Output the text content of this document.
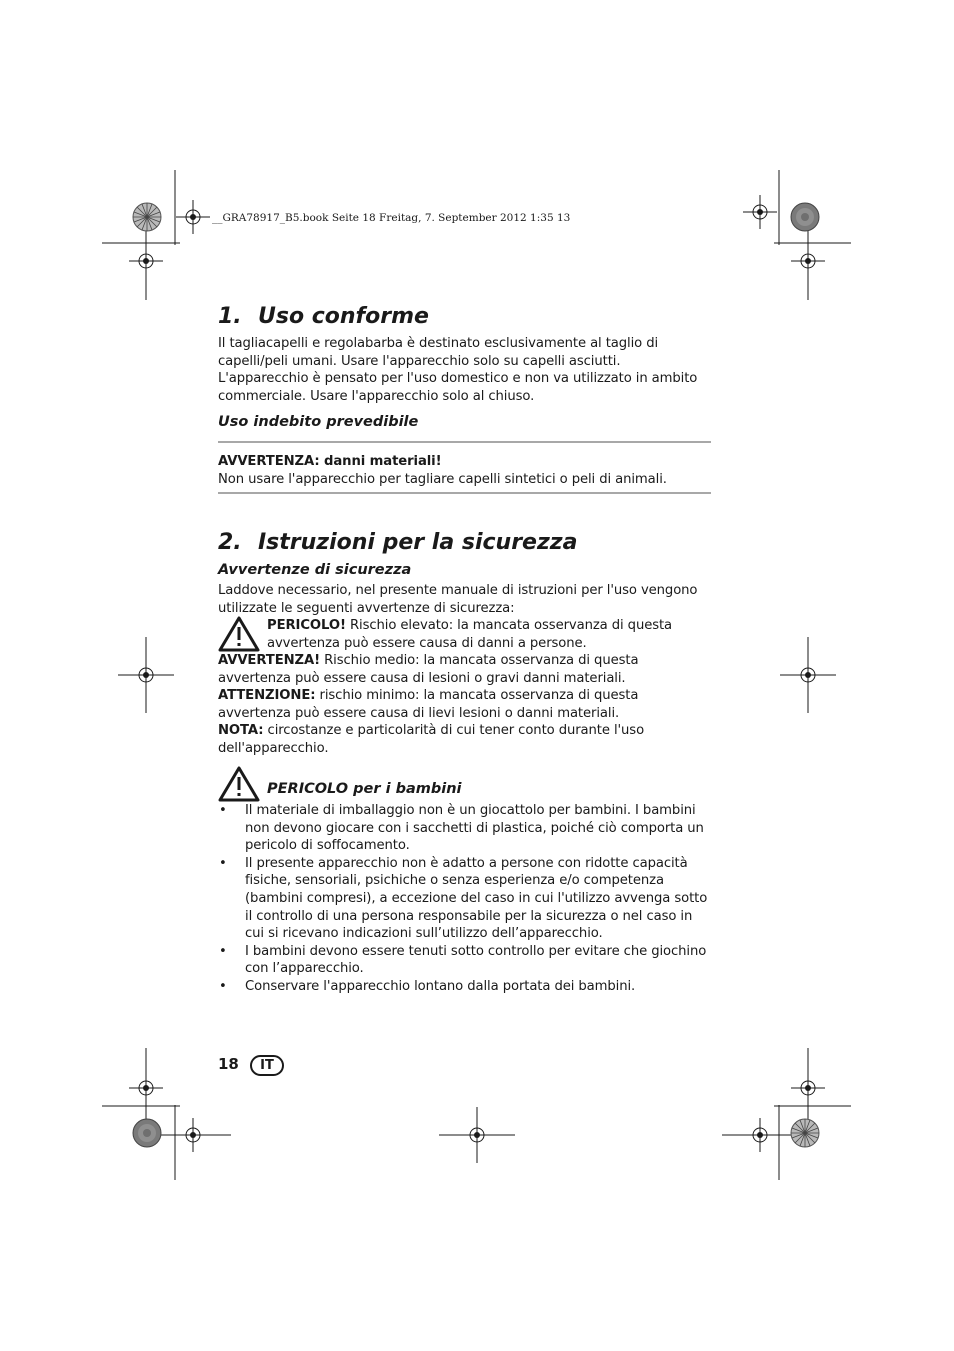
__GRA78917_B5.book Seite 18 Freitag, 7. September 2012 1:35 13
1. Uso conforme
Il tagliacapelli e regolabarba è destinato esclusivamente al taglio di capelli/peli umani. Usare l'apparecchio solo su capelli asciutti.
L'apparecchio è pensato per l'uso domestico e non va utilizzato in ambito commerciale. Usare l'apparecchio solo al chiuso.
Uso indebito prevedibile
AVVERTENZA: danni materiali!
Non usare l'apparecchio per tagliare capelli sintetici o peli di animali.
2. Istruzioni per la sicurezza
Avvertenze di sicurezza
Laddove necessario, nel presente manuale di istruzioni per l'uso vengono utilizzate le seguenti avvertenze di sicurezza:
PERICOLO! Rischio elevato: la mancata osservanza di questa avvertenza può essere causa di danni a persone.
AVVERTENZA! Rischio medio: la mancata osservanza di questa avvertenza può essere causa di lesioni o gravi danni materiali.
ATTENZIONE: rischio minimo: la mancata osservanza di questa avvertenza può essere causa di lievi lesioni o danni materiali.
NOTA: circostanze e particolarità di cui tener conto durante l'uso dell'apparecchio.
PERICOLO per i bambini
• Il materiale di imballaggio non è un giocattolo per bambini. I bambini non devono giocare con i sacchetti di plastica, poiché ciò comporta un pericolo di soffocamento.
• Il presente apparecchio non è adatto a persone con ridotte capacità fisiche, sensoriali, psichiche o senza esperienza e/o competenza (bambini compresi), a eccezione del caso in cui l'utilizzo avvenga sotto il controllo di una persona responsabile per la sicurezza o nel caso in cui si ricevano indicazioni sull’utilizzo dell’apparecchio.
• I bambini devono essere tenuti sotto controllo per evitare che giochino con l’apparecchio.
• Conservare l'apparecchio lontano dalla portata dei bambini.
18 IT
